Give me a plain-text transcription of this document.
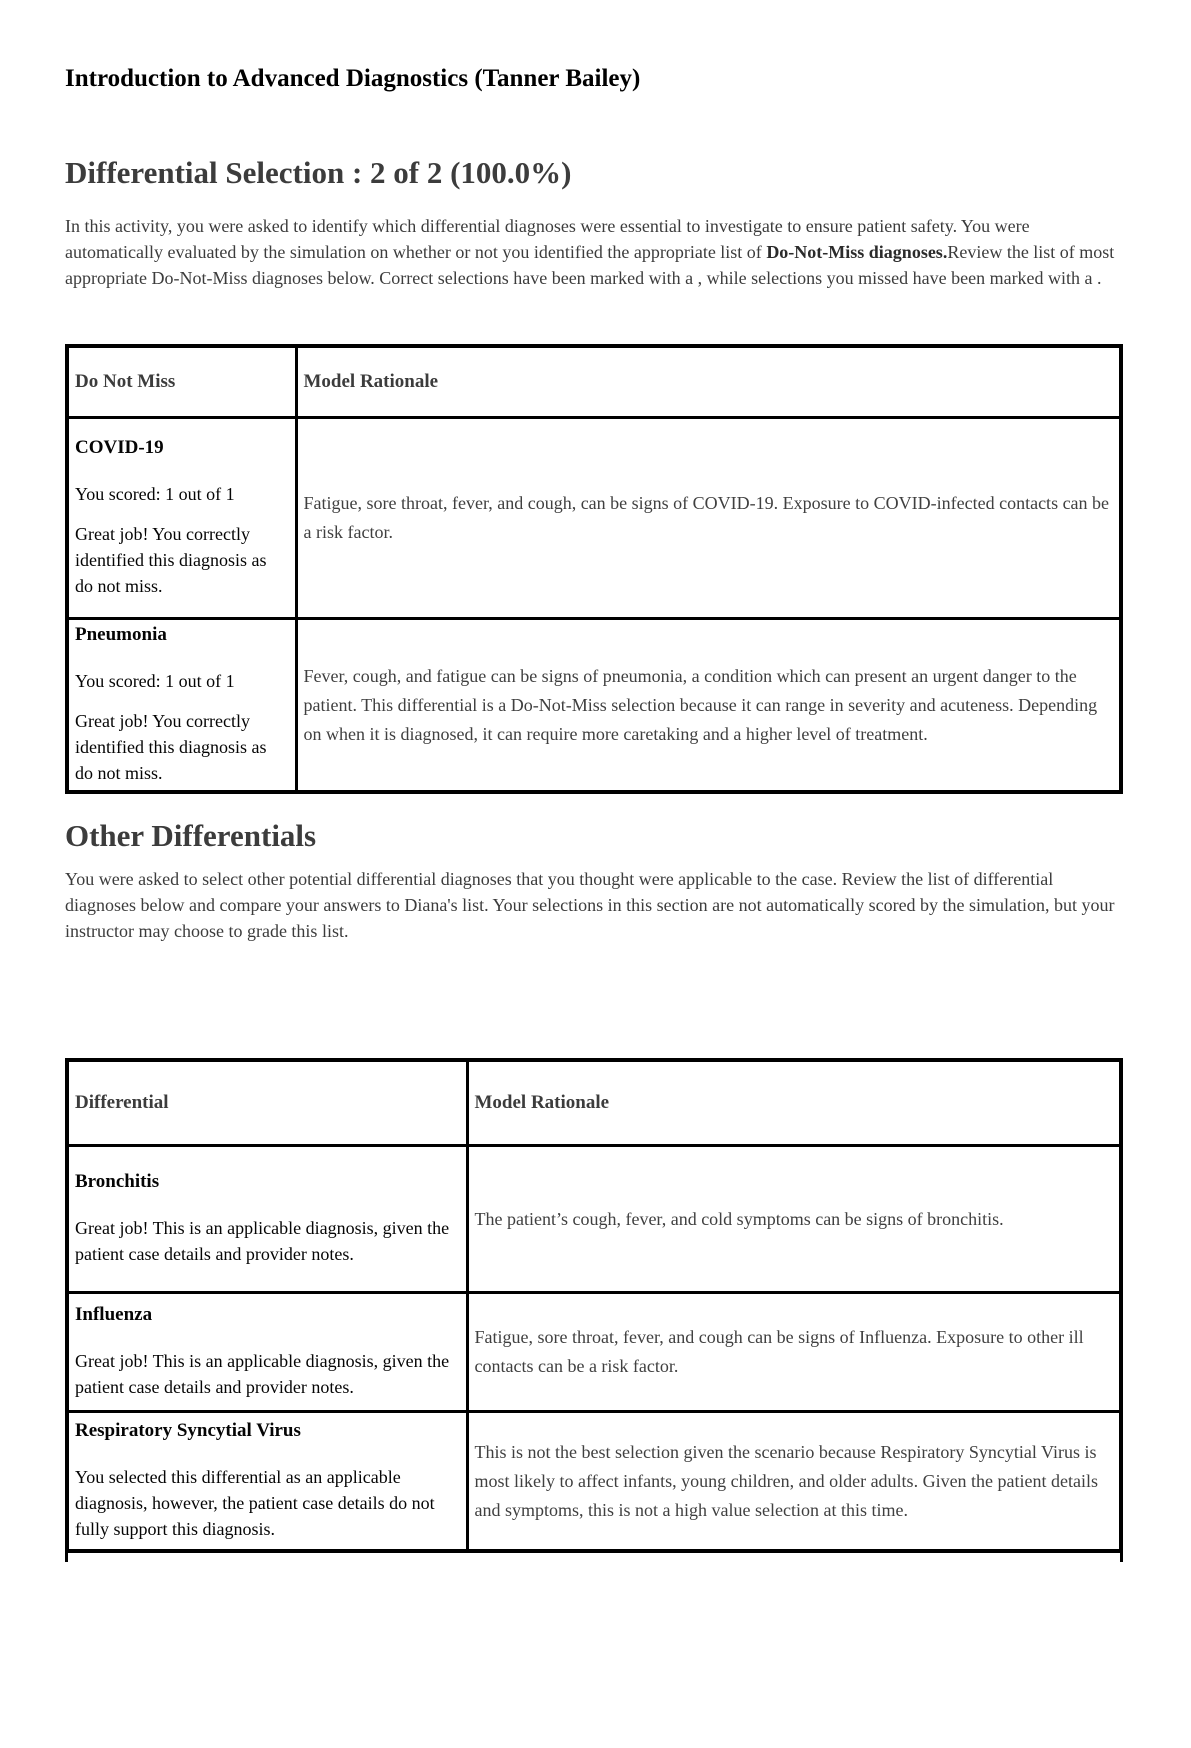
Introduction to Advanced Diagnostics (Tanner Bailey)
Differential Selection : 2 of 2 (100.0%)

In this activity, you were asked to identify which differential diagnoses were essential to investigate to ensure patient safety. You were automatically evaluated by the simulation on whether or not you identified the appropriate list of Do-Not-Miss diagnoses.Review the list of most appropriate Do-Not-Miss diagnoses below. Correct selections have been marked with a , while selections you missed have been marked with a .

Do Not Miss	Model Rationale

COVID-19

You scored: 1 out of 1

Great job! You correctly identified this diagnosis as do not miss.	Fatigue, sore throat, fever, and cough, can be signs of COVID-19. Exposure to COVID-infected contacts can be a risk factor.

Pneumonia

You scored: 1 out of 1

Great job! You correctly identified this diagnosis as do not miss.

	Fever, cough, and fatigue can be signs of pneumonia, a condition which can present an urgent danger to the patient. This differential is a Do-Not-Miss selection because it can range in severity and acuteness. Depending on when it is diagnosed, it can require more caretaking and a higher level of treatment.
Other Differentials

You were asked to select other potential differential diagnoses that you thought were applicable to the case. Review the list of differential diagnoses below and compare your answers to Diana's list. Your selections in this section are not automatically scored by the simulation, but your instructor may choose to grade this list.

Differential	Model Rationale

Bronchitis

Great job! This is an applicable diagnosis, given the patient case details and provider notes.	The patient’s cough, fever, and cold symptoms can be signs of bronchitis.

Influenza

Great job! This is an applicable diagnosis, given the patient case details and provider notes.	Fatigue, sore throat, fever, and cough can be signs of Influenza. Exposure to other ill contacts can be a risk factor.

Respiratory Syncytial Virus

You selected this differential as an applicable diagnosis, however, the patient case details do not fully support this diagnosis.	This is not the best selection given the scenario because Respiratory Syncytial Virus is most likely to affect infants, young children, and older adults. Given the patient details and symptoms, this is not a high value selection at this time.
